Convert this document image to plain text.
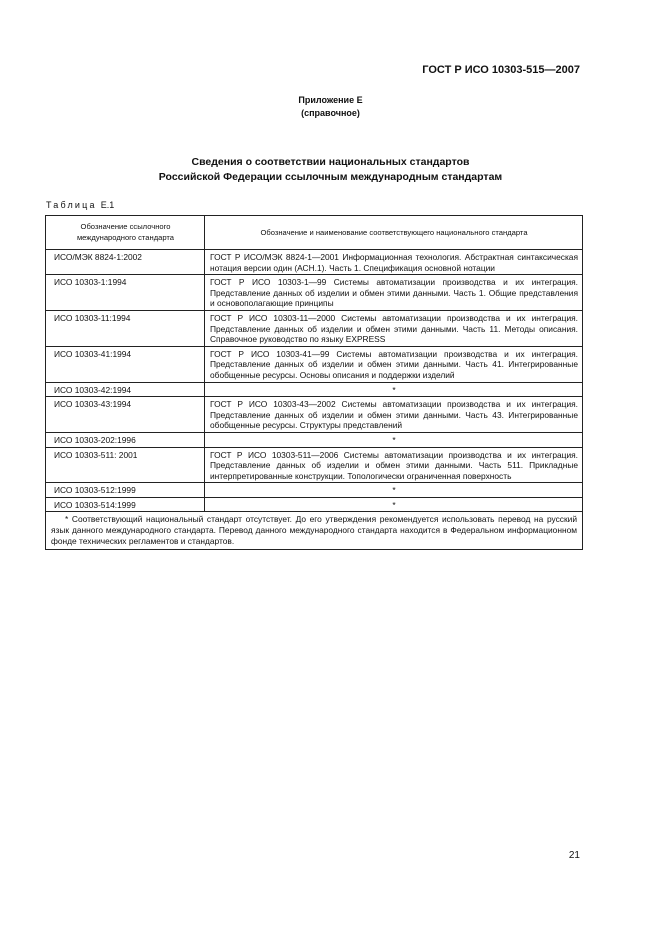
ГОСТ Р ИСО 10303-515—2007
Приложение Е
(справочное)
Сведения о соответствии национальных стандартов
Российской Федерации ссылочным международным стандартам
Таблица Е.1
Обозначение ссылочного международного стандарта	Обозначение и наименование соответствующего национального стандарта
ИСО/МЭК 8824-1:2002	ГОСТ Р ИСО/МЭК 8824-1—2001 Информационная технология. Абстрактная синтаксическая нотация версии один (АСН.1). Часть 1. Спецификация основной нотации
ИСО 10303-1:1994	ГОСТ Р ИСО 10303-1—99 Системы автоматизации производства и их интеграция. Представление данных об изделии и обмен этими данными. Часть 1. Общие представления и основополагающие принципы
ИСО 10303-11:1994	ГОСТ Р ИСО 10303-11—2000 Системы автоматизации производства и их интеграция. Представление данных об изделии и обмен этими данными. Часть 11. Методы описания. Справочное руководство по языку EXPRESS
ИСО 10303-41:1994	ГОСТ Р ИСО 10303-41—99 Системы автоматизации производства и их интеграция. Представление данных об изделии и обмен этими данными. Часть 41. Интегрированные обобщенные ресурсы. Основы описания и поддержки изделий
ИСО 10303-42:1994	*
ИСО 10303-43:1994	ГОСТ Р ИСО 10303-43—2002 Системы автоматизации производства и их интеграция. Представление данных об изделии и обмен этими данными. Часть 43. Интегрированные обобщенные ресурсы. Структуры представлений
ИСО 10303-202:1996	*
ИСО 10303-511: 2001	ГОСТ Р ИСО 10303-511—2006 Системы автоматизации производства и их интеграция. Представление данных об изделии и обмен этими данными. Часть 511. Прикладные интерпретированные конструкции. Топологически ограниченная поверхность
ИСО 10303-512:1999	*
ИСО 10303-514:1999	*
* Соответствующий национальный стандарт отсутствует. До его утверждения рекомендуется использовать перевод на русский язык данного международного стандарта. Перевод данного международного стандарта находится в Федеральном информационном фонде технических регламентов и стандартов.	
21
